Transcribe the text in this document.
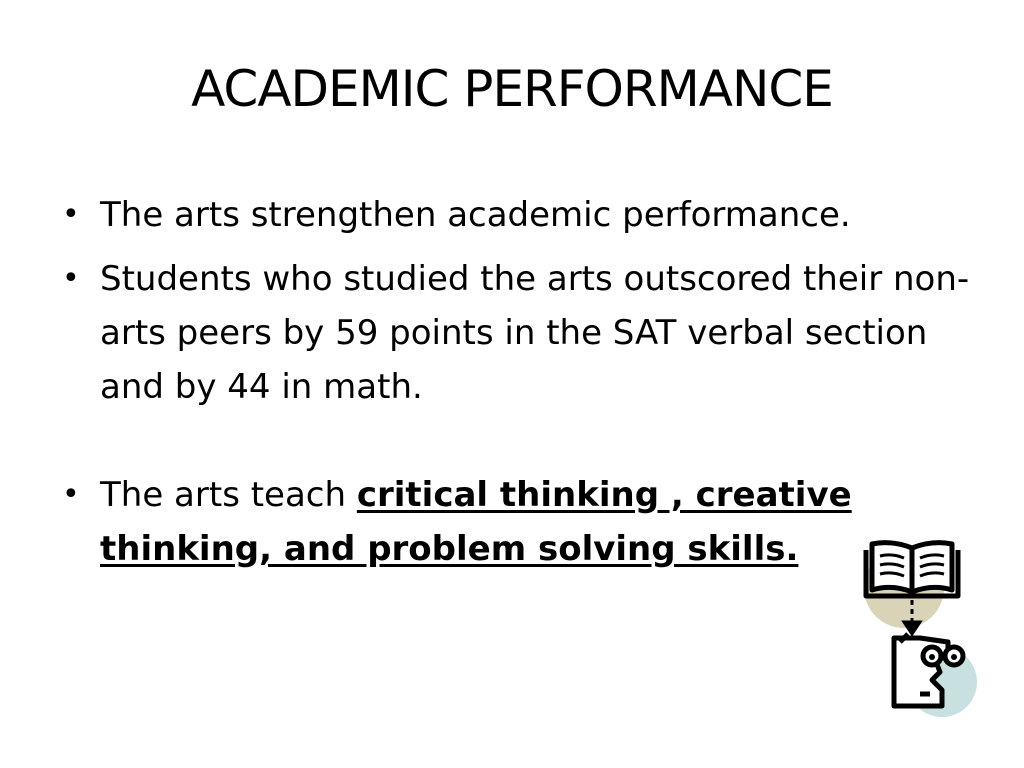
ACADEMIC PERFORMANCE
• The arts strengthen academic performance.
• Students who studied the arts outscored their non-arts peers by 59 points in the SAT verbal section and by 44 in math.
• The arts teach critical thinking , creative thinking, and problem solving skills.
